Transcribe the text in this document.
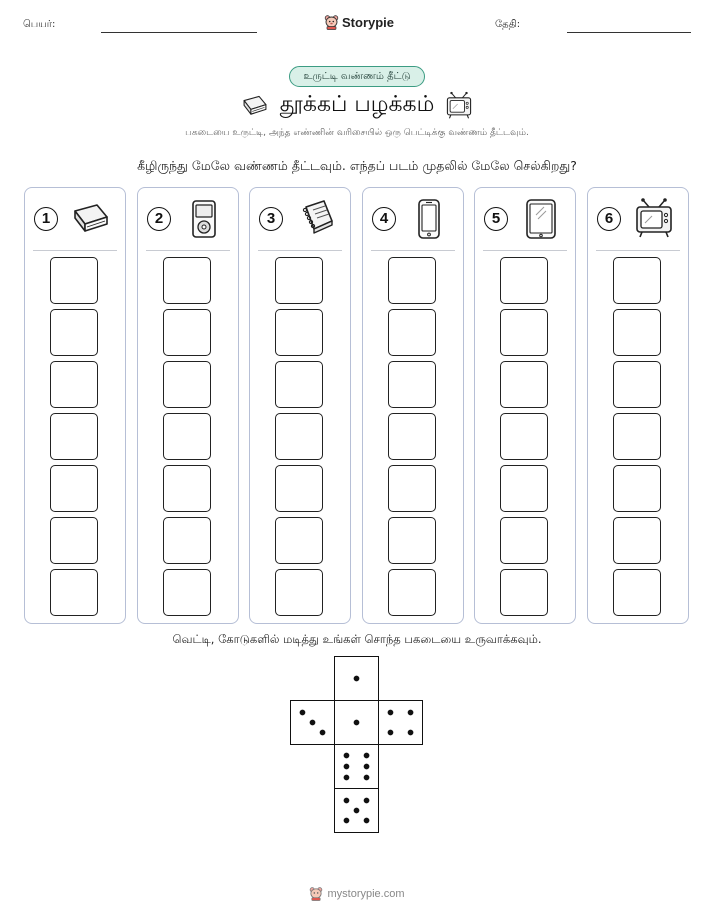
பெயர்:	Storypie	தேதி:
உருட்டி வண்ணம் தீட்டு
தூக்கப் பழக்கம்
பகடையை உருட்டி, அந்த எண்ணின் வரிசையில் ஒரு பெட்டிக்கு வண்ணம் தீட்டவும்.
கீழிருந்து மேலே வண்ணம் தீட்டவும். எந்தப் படம் முதலில் மேலே செல்கிறது?
1	2	3	4	5	6
வெட்டி, கோடுகளில் மடித்து உங்கள் சொந்த பகடையை உருவாக்கவும்.
mystorypie.com
